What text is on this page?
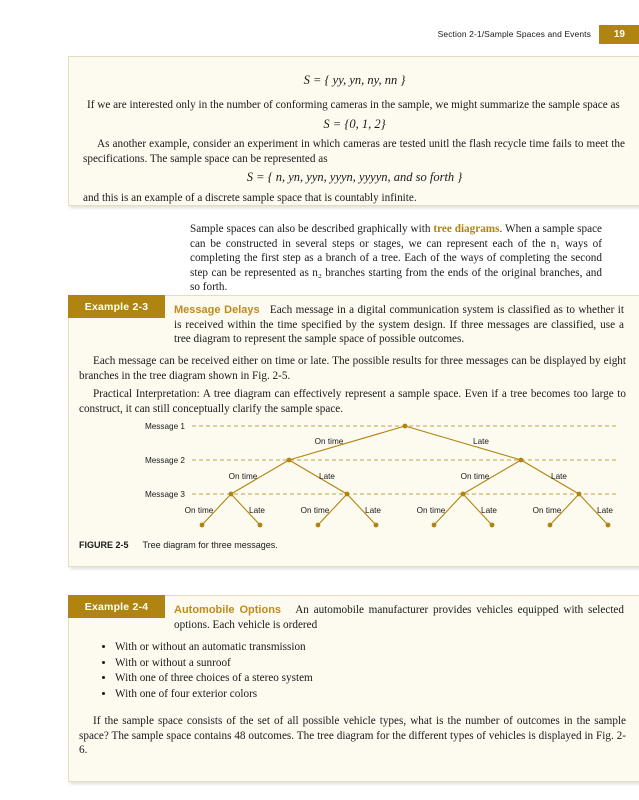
Section 2-1/Sample Spaces and Events 19
S = { yy, yn, ny, nn }
If we are interested only in the number of conforming cameras in the sample, we might summarize the sample space as
S = {0, 1, 2}
As another example, consider an experiment in which cameras are tested unitl the flash recycle time fails to meet the specifications. The sample space can be represented as
S = { n, yn, yyn, yyyn, yyyyn, and so forth }
and this is an example of a discrete sample space that is countably infinite.
Sample spaces can also be described graphically with tree diagrams. When a sample space can be constructed in several steps or stages, we can represent each of the n₁ ways of completing the first step as a branch of a tree. Each of the ways of completing the second step can be represented as n₂ branches starting from the ends of the original branches, and so forth.
Example 2-3	Message Delays Each message in a digital communication system is classified as to whether it is received within the time specified by the system design. If three messages are classified, use a tree diagram to represent the sample space of possible outcomes.
Each message can be received either on time or late. The possible results for three messages can be displayed by eight branches in the tree diagram shown in Fig. 2-5.
Practical Interpretation: A tree diagram can effectively represent a sample space. Even if a tree becomes too large to construct, it can still conceptually clarify the sample space.
Message 1
Message 2
Message 3
On time	Late
On time	Late	On time	Late
On time	Late	On time	Late	On time	Late	On time	Late
FIGURE 2-5 Tree diagram for three messages.
Example 2-4	Automobile Options An automobile manufacturer provides vehicles equipped with selected options. Each vehicle is ordered
• With or without an automatic transmission
• With or without a sunroof
• With one of three choices of a stereo system
• With one of four exterior colors
If the sample space consists of the set of all possible vehicle types, what is the number of outcomes in the sample space? The sample space contains 48 outcomes. The tree diagram for the different types of vehicles is displayed in Fig. 2-6.
